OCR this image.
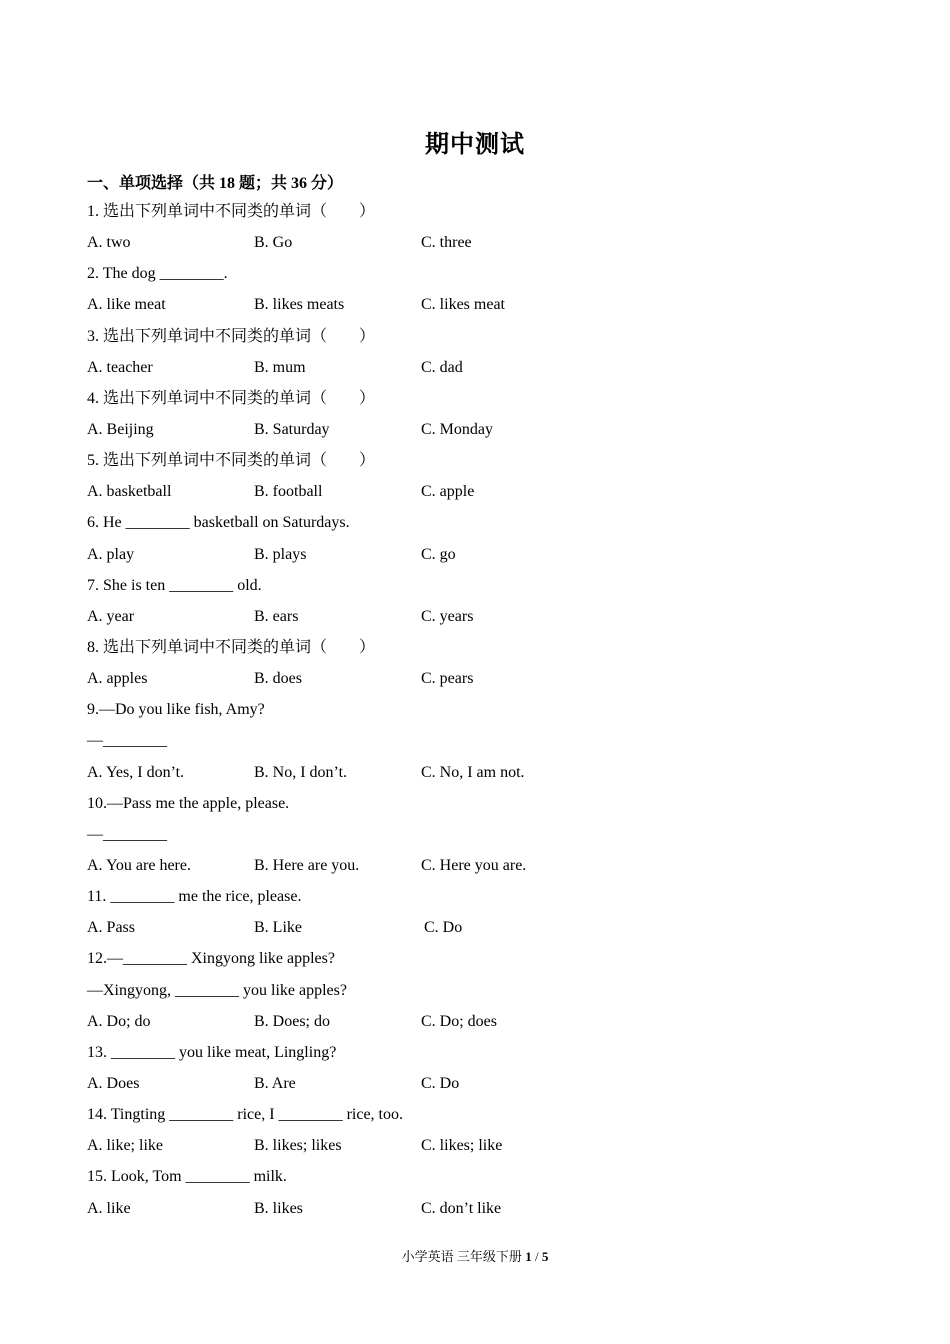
期中测试
一、单项选择（共 18 题；共 36 分）
1. 选出下列单词中不同类的单词（　　）
A. two	B. Go	C. three
2. The dog ________.
A. like meat	B. likes meats	C. likes meat
3. 选出下列单词中不同类的单词（　　）
A. teacher	B. mum	C. dad
4. 选出下列单词中不同类的单词（　　）
A. Beijing	B. Saturday	C. Monday
5. 选出下列单词中不同类的单词（　　）
A. basketball	B. football	C. apple
6. He ________ basketball on Saturdays.
A. play	B. plays	C. go
7. She is ten ________ old.
A. year	B. ears	C. years
8. 选出下列单词中不同类的单词（　　）
A. apples	B. does	C. pears
9.—Do you like fish, Amy?
—________
A. Yes, I don’t.	B. No, I don’t.	C. No, I am not.
10.—Pass me the apple, please.
—________
A. You are here.	B. Here are you.	C. Here you are.
11. ________ me the rice, please.
A. Pass	B. Like	C. Do
12.—________ Xingyong like apples?
—Xingyong, ________ you like apples?
A. Do; do	B. Does; do	C. Do; does
13. ________ you like meat, Lingling?
A. Does	B. Are	C. Do
14. Tingting ________ rice, I ________ rice, too.
A. like; like	B. likes; likes	C. likes; like
15. Look, Tom ________ milk.
A. like	B. likes	C. don’t like
小学英语 三年级下册 1 / 5
